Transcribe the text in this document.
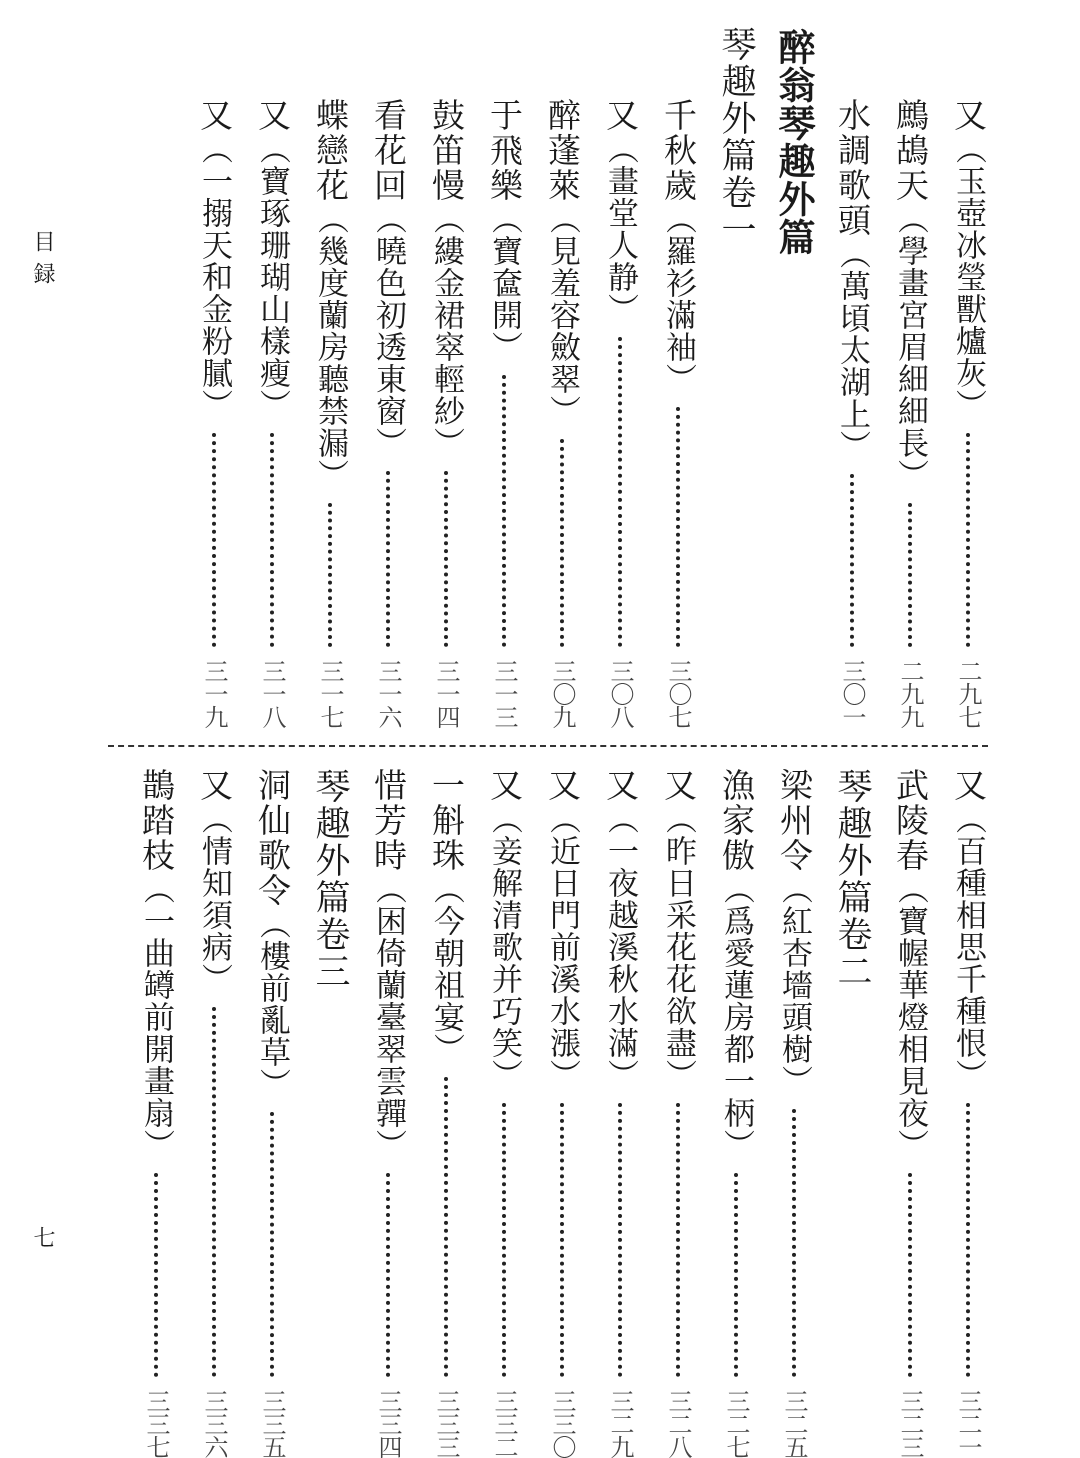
目録
七
又
（玉壺冰瑩獸爐灰）
二九七
鷓鴣天
（學畫宮眉細細長）
二九九
水調歌頭
（萬頃太湖上）
三〇一
醉翁琴趣外篇
琴趣外篇卷一
千秋歲
（羅衫滿袖）
三〇七
又
（畫堂人静）
三〇八
醉蓬萊
（見羞容斂翠）
三〇九
于飛樂
（寶奩開）
三一三
鼓笛慢
（縷金裙窣輕紗）
三一四
看花回
（曉色初透東窗）
三一六
蝶戀花
（幾度蘭房聽禁漏）
三一七
又
（寶琢珊瑚山樣瘦）
三一八
又
（一搦天和金粉膩）
三一九
又
（百種相思千種恨）
三二一
武陵春
（寶幄華燈相見夜）
三二三
琴趣外篇卷二
梁州令
（紅杏墻頭樹）
三二五
漁家傲
（爲愛蓮房都一柄）
三二七
又
（昨日采花花欲盡）
三二八
又
（一夜越溪秋水滿）
三二九
又
（近日門前溪水漲）
三三〇
又
（妾解清歌并巧笑）
三三二
一斛珠
（今朝祖宴）
三三三
惜芳時
（困倚蘭臺翠雲嚲）
三三四
琴趣外篇卷三
洞仙歌令
（樓前亂草）
三三五
又
（情知須病）
三三六
鵲踏枝
（一曲罇前開畫扇）
三三七
